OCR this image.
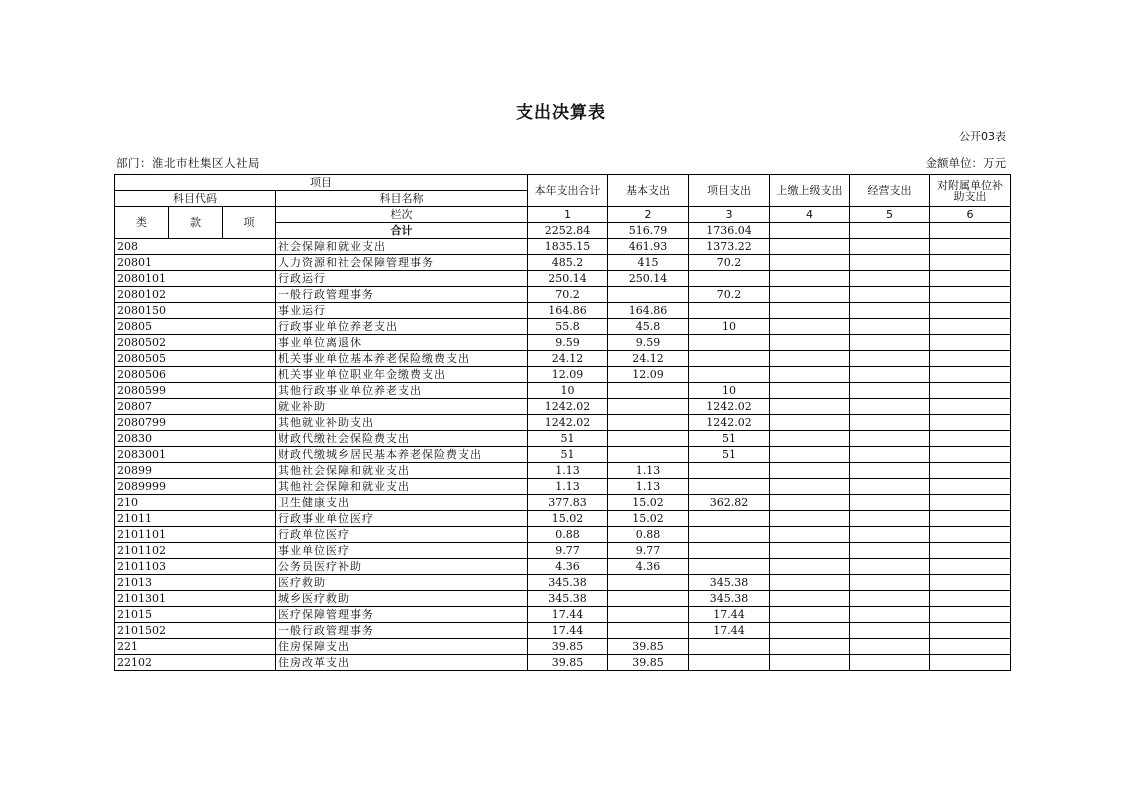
支出决算表
公开03表
部门：淮北市杜集区人社局	金额单位：万元
项目				本年支出合计	基本支出	项目支出	上缴上级支出	经营支出	对附属单位补助支出
科目代码			科目名称						
类	款	项	栏次	1	2	3	4	5	6
			合计	2252.84	516.79	1736.04			
208			社会保障和就业支出	1835.15	461.93	1373.22			
20801			人力资源和社会保障管理事务	485.2	415	70.2			
2080101			行政运行	250.14	250.14				
2080102			一般行政管理事务	70.2		70.2			
2080150			事业运行	164.86	164.86				
20805			行政事业单位养老支出	55.8	45.8	10			
2080502			事业单位离退休	9.59	9.59				
2080505			机关事业单位基本养老保险缴费支出	24.12	24.12				
2080506			机关事业单位职业年金缴费支出	12.09	12.09				
2080599			其他行政事业单位养老支出	10		10			
20807			就业补助	1242.02		1242.02			
2080799			其他就业补助支出	1242.02		1242.02			
20830			财政代缴社会保险费支出	51		51			
2083001			财政代缴城乡居民基本养老保险费支出	51		51			
20899			其他社会保障和就业支出	1.13	1.13				
2089999			其他社会保障和就业支出	1.13	1.13				
210			卫生健康支出	377.83	15.02	362.82			
21011			行政事业单位医疗	15.02	15.02				
2101101			行政单位医疗	0.88	0.88				
2101102			事业单位医疗	9.77	9.77				
2101103			公务员医疗补助	4.36	4.36				
21013			医疗救助	345.38		345.38			
2101301			城乡医疗救助	345.38		345.38			
21015			医疗保障管理事务	17.44		17.44			
2101502			一般行政管理事务	17.44		17.44			
221			住房保障支出	39.85	39.85				
22102			住房改革支出	39.85	39.85				
